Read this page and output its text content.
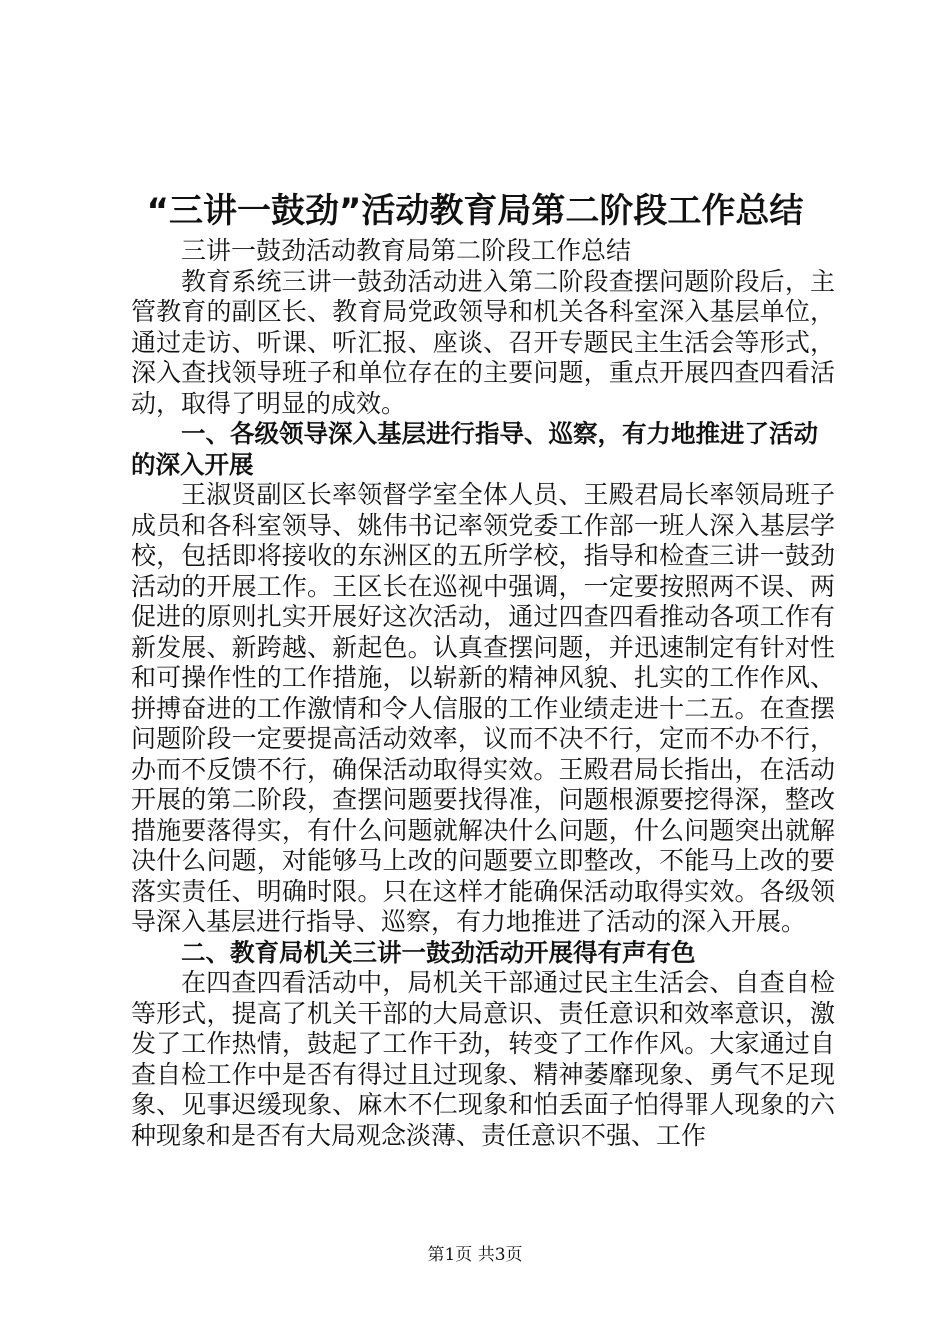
“三讲一鼓劲”活动教育局第二阶段工作总结

三讲一鼓劲活动教育局第二阶段工作总结

教育系统三讲一鼓劲活动进入第二阶段查摆问题阶段后，主管教育的副区长、教育局党政领导和机关各科室深入基层单位，通过走访、听课、听汇报、座谈、召开专题民主生活会等形式，深入查找领导班子和单位存在的主要问题，重点开展四查四看活动，取得了明显的成效。

一、各级领导深入基层进行指导、巡察，有力地推进了活动的深入开展

王淑贤副区长率领督学室全体人员、王殿君局长率领局班子成员和各科室领导、姚伟书记率领党委工作部一班人深入基层学校，包括即将接收的东洲区的五所学校，指导和检查三讲一鼓劲活动的开展工作。王区长在巡视中强调，一定要按照两不误、两促进的原则扎实开展好这次活动，通过四查四看推动各项工作有新发展、新跨越、新起色。认真查摆问题，并迅速制定有针对性和可操作性的工作措施，以崭新的精神风貌、扎实的工作作风、拼搏奋进的工作激情和令人信服的工作业绩走进十二五。在查摆问题阶段一定要提高活动效率，议而不决不行，定而不办不行，办而不反馈不行，确保活动取得实效。王殿君局长指出，在活动开展的第二阶段，查摆问题要找得准，问题根源要挖得深，整改措施要落得实，有什么问题就解决什么问题，什么问题突出就解决什么问题，对能够马上改的问题要立即整改，不能马上改的要落实责任、明确时限。只在这样才能确保活动取得实效。各级领导深入基层进行指导、巡察，有力地推进了活动的深入开展。

二、教育局机关三讲一鼓劲活动开展得有声有色

在四查四看活动中，局机关干部通过民主生活会、自查自检等形式，提高了机关干部的大局意识、责任意识和效率意识，激发了工作热情，鼓起了工作干劲，转变了工作作风。大家通过自查自检工作中是否有得过且过现象、精神萎靡现象、勇气不足现象、见事迟缓现象、麻木不仁现象和怕丢面子怕得罪人现象的六种现象和是否有大局观念淡薄、责任意识不强、工作

第1页 共3页
